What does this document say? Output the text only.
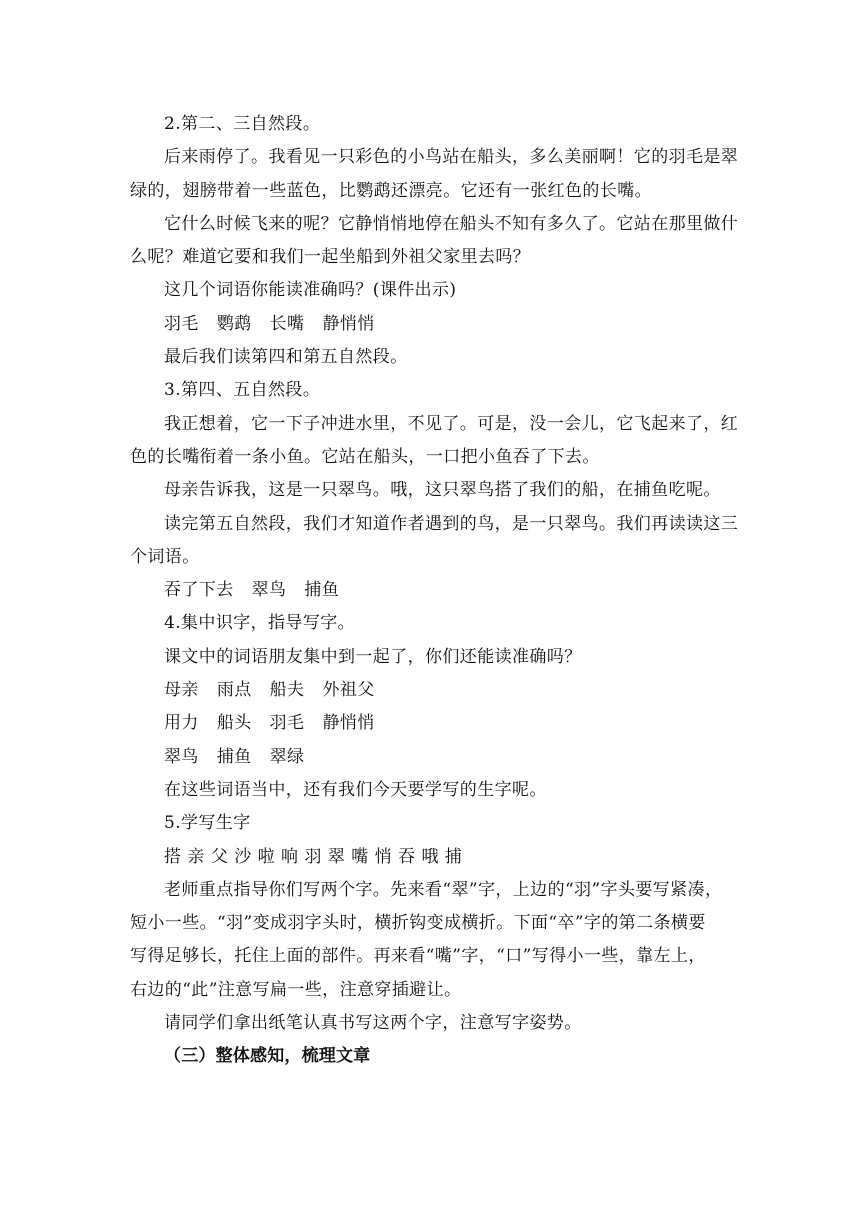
2.第二、三自然段。
后来雨停了。我看见一只彩色的小鸟站在船头，多么美丽啊！它的羽毛是翠
绿的，翅膀带着一些蓝色，比鹦鹉还漂亮。它还有一张红色的长嘴。
它什么时候飞来的呢？它静悄悄地停在船头不知有多久了。它站在那里做什
么呢？难道它要和我们一起坐船到外祖父家里去吗？
这几个词语你能读准确吗？(课件出示)
羽毛 鹦鹉 长嘴 静悄悄
最后我们读第四和第五自然段。
3.第四、五自然段。
我正想着，它一下子冲进水里，不见了。可是，没一会儿，它飞起来了，红
色的长嘴衔着一条小鱼。它站在船头，一口把小鱼吞了下去。
母亲告诉我，这是一只翠鸟。哦，这只翠鸟搭了我们的船，在捕鱼吃呢。
读完第五自然段，我们才知道作者遇到的鸟，是一只翠鸟。我们再读读这三
个词语。
吞了下去 翠鸟 捕鱼
4.集中识字，指导写字。
课文中的词语朋友集中到一起了，你们还能读准确吗？
母亲 雨点 船夫 外祖父
用力 船头 羽毛 静悄悄
翠鸟 捕鱼 翠绿
在这些词语当中，还有我们今天要学写的生字呢。
5.学写生字
搭 亲 父 沙 啦 响 羽 翠 嘴 悄 吞 哦 捕
老师重点指导你们写两个字。先来看“翠”字，上边的“羽”字头要写紧凑，
短小一些。“羽”变成羽字头时，横折钩变成横折。下面“卒”字的第二条横要
写得足够长，托住上面的部件。再来看“嘴”字，“口”写得小一些，靠左上，
右边的“此”注意写扁一些，注意穿插避让。
请同学们拿出纸笔认真书写这两个字，注意写字姿势。
（三）整体感知，梳理文章
